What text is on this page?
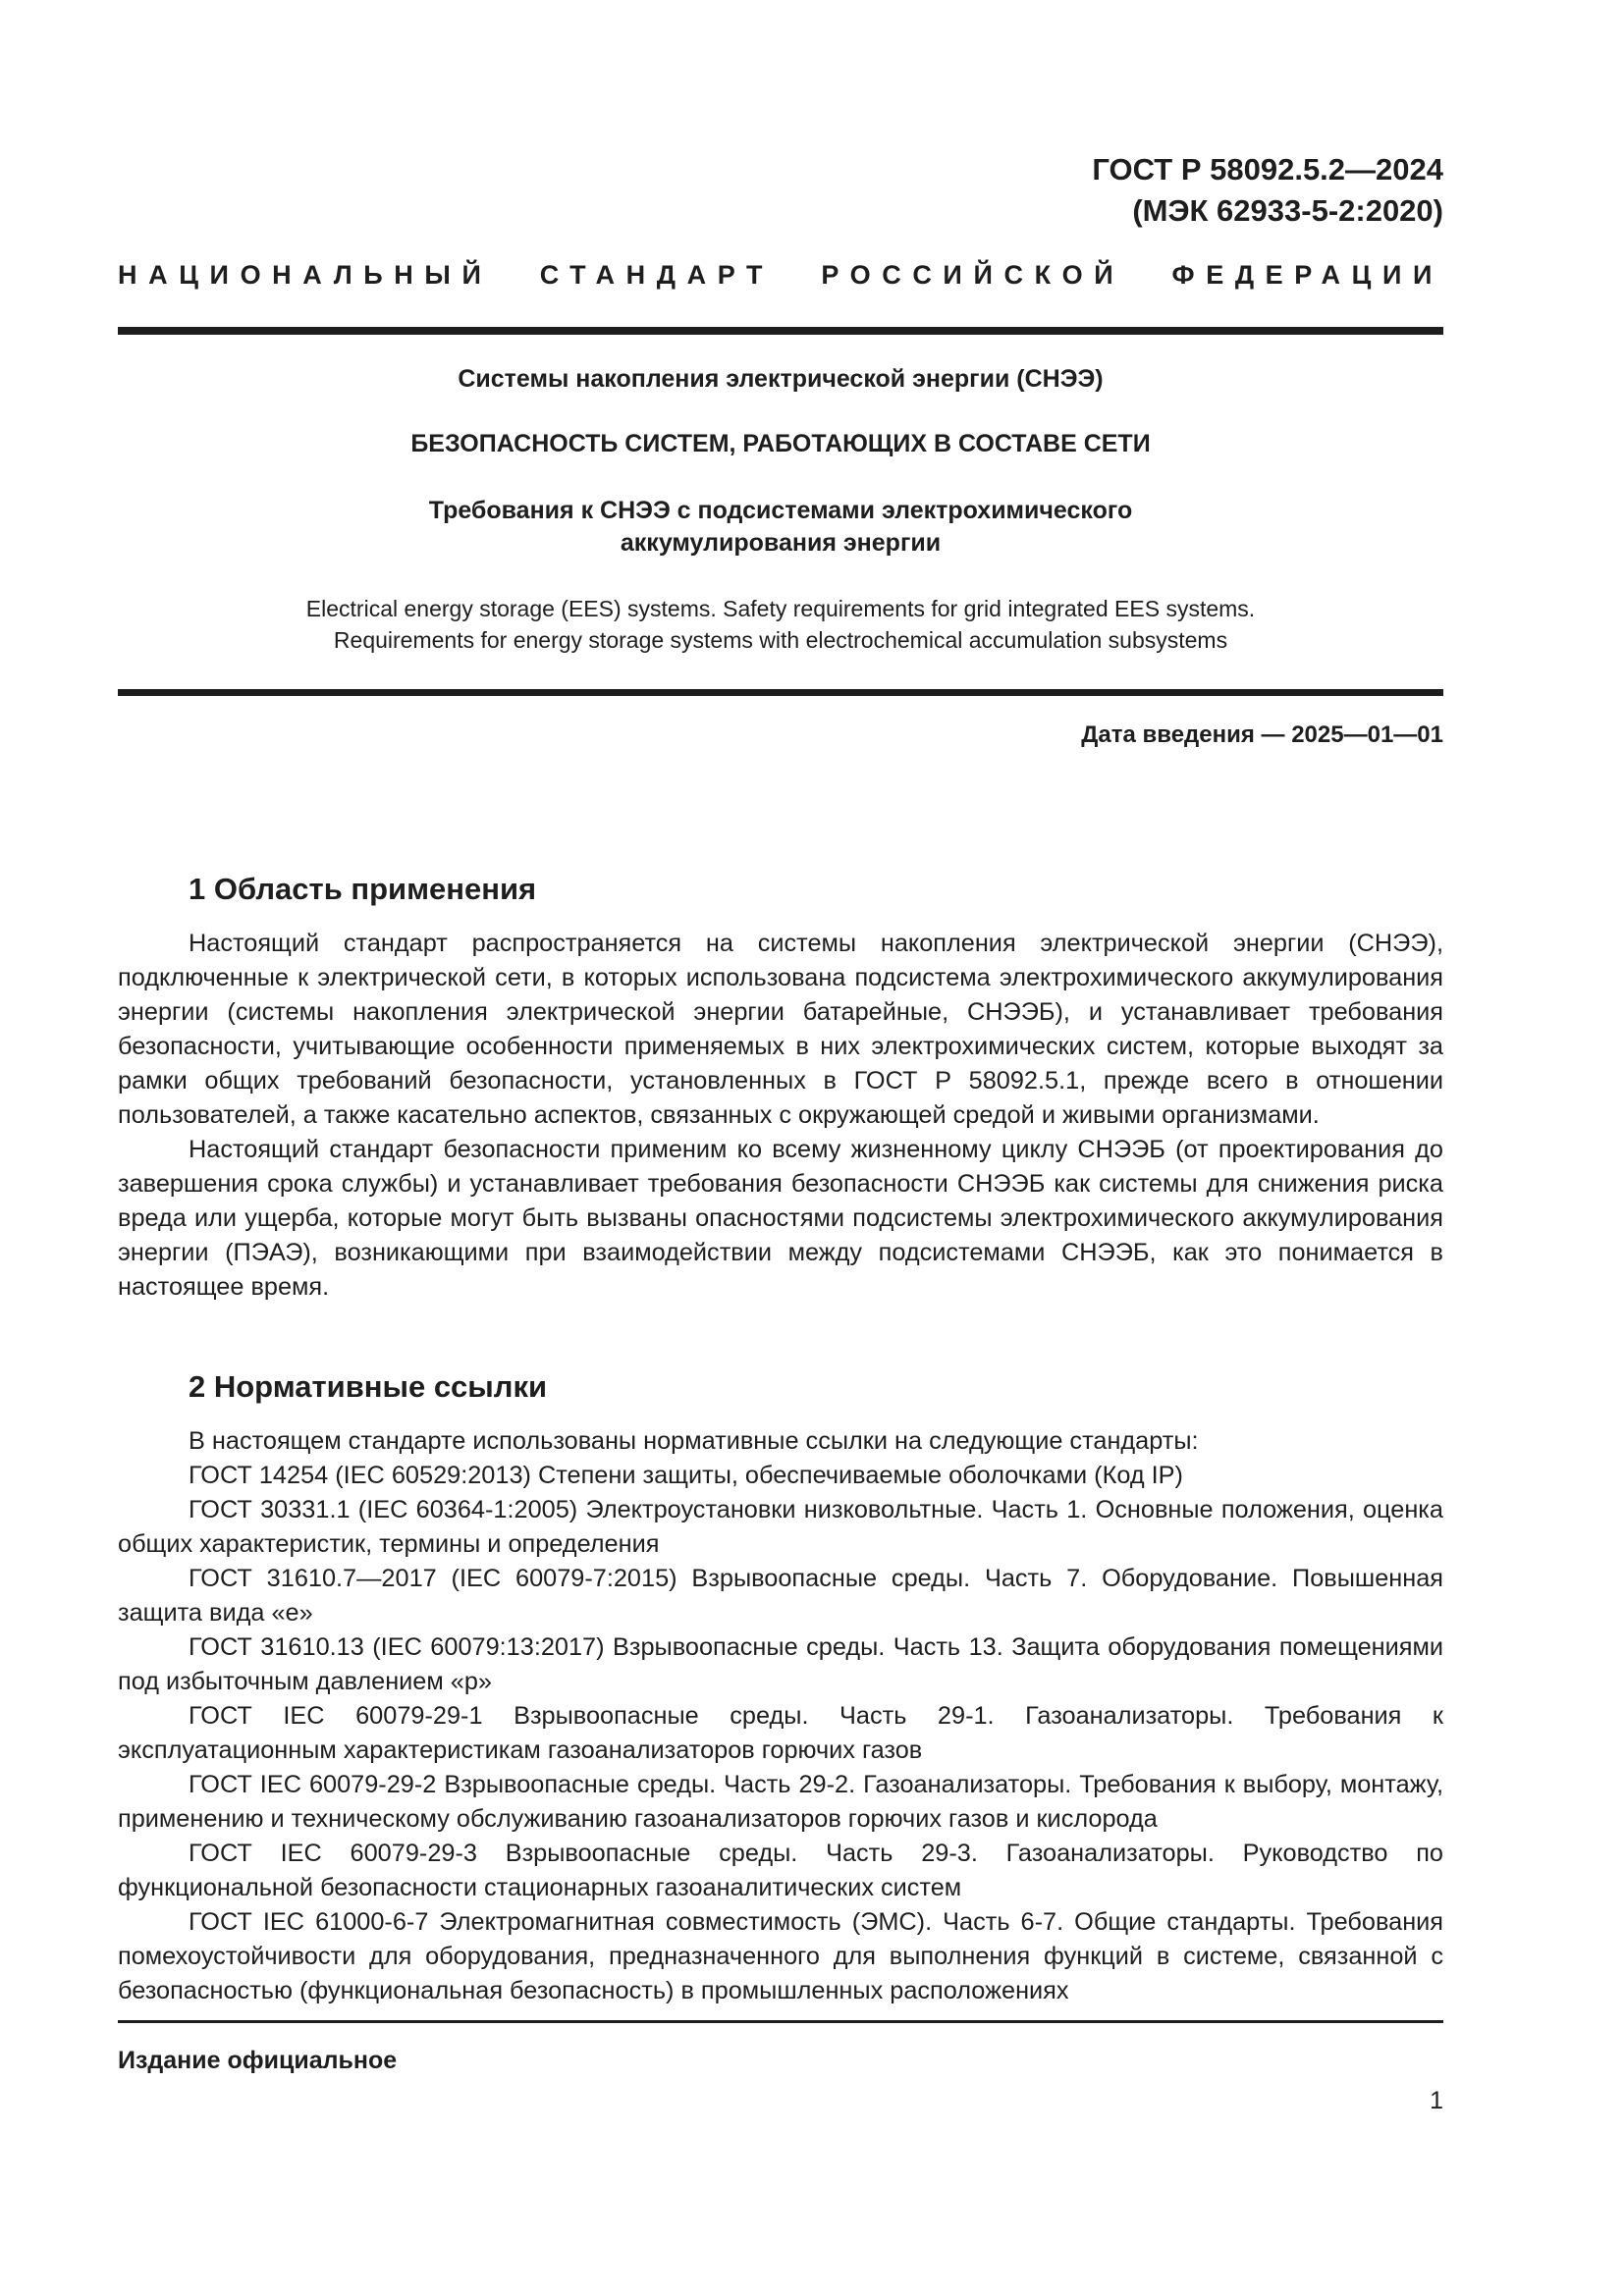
ГОСТ Р 58092.5.2—2024
(МЭК 62933-5-2:2020)
НАЦИОНАЛЬНЫЙ СТАНДАРТ РОССИЙСКОЙ ФЕДЕРАЦИИ
Системы накопления электрической энергии (СНЭЭ)
БЕЗОПАСНОСТЬ СИСТЕМ, РАБОТАЮЩИХ В СОСТАВЕ СЕТИ
Требования к СНЭЭ с подсистемами электрохимического аккумулирования энергии
Electrical energy storage (EES) systems. Safety requirements for grid integrated EES systems.
Requirements for energy storage systems with electrochemical accumulation subsystems
Дата введения — 2025—01—01
1 Область применения

Настоящий стандарт распространяется на системы накопления электрической энергии (СНЭЭ), подключенные к электрической сети, в которых использована подсистема электрохимического аккумулирования энергии (системы накопления электрической энергии батарейные, СНЭЭБ), и устанавливает требования безопасности, учитывающие особенности применяемых в них электрохимических систем, которые выходят за рамки общих требований безопасности, установленных в ГОСТ Р 58092.5.1, прежде всего в отношении пользователей, а также касательно аспектов, связанных с окружающей средой и живыми организмами.

Настоящий стандарт безопасности применим ко всему жизненному циклу СНЭЭБ (от проектирования до завершения срока службы) и устанавливает требования безопасности СНЭЭБ как системы для снижения риска вреда или ущерба, которые могут быть вызваны опасностями подсистемы электрохимического аккумулирования энергии (ПЭАЭ), возникающими при взаимодействии между подсистемами СНЭЭБ, как это понимается в настоящее время.

2 Нормативные ссылки

В настоящем стандарте использованы нормативные ссылки на следующие стандарты:

ГОСТ 14254 (IEC 60529:2013) Степени защиты, обеспечиваемые оболочками (Код IP)

ГОСТ 30331.1 (IEC 60364-1:2005) Электроустановки низковольтные. Часть 1. Основные положения, оценка общих характеристик, термины и определения

ГОСТ 31610.7—2017 (IEC 60079-7:2015) Взрывоопасные среды. Часть 7. Оборудование. Повышенная защита вида «е»

ГОСТ 31610.13 (IEC 60079:13:2017) Взрывоопасные среды. Часть 13. Защита оборудования помещениями под избыточным давлением «р»

ГОСТ IEC 60079-29-1 Взрывоопасные среды. Часть 29-1. Газоанализаторы. Требования к эксплуатационным характеристикам газоанализаторов горючих газов

ГОСТ IEC 60079-29-2 Взрывоопасные среды. Часть 29-2. Газоанализаторы. Требования к выбору, монтажу, применению и техническому обслуживанию газоанализаторов горючих газов и кислорода

ГОСТ IEC 60079-29-3 Взрывоопасные среды. Часть 29-3. Газоанализаторы. Руководство по функциональной безопасности стационарных газоаналитических систем

ГОСТ IEC 61000-6-7 Электромагнитная совместимость (ЭМС). Часть 6-7. Общие стандарты. Требования помехоустойчивости для оборудования, предназначенного для выполнения функций в системе, связанной с безопасностью (функциональная безопасность) в промышленных расположениях

Издание официальное
1
